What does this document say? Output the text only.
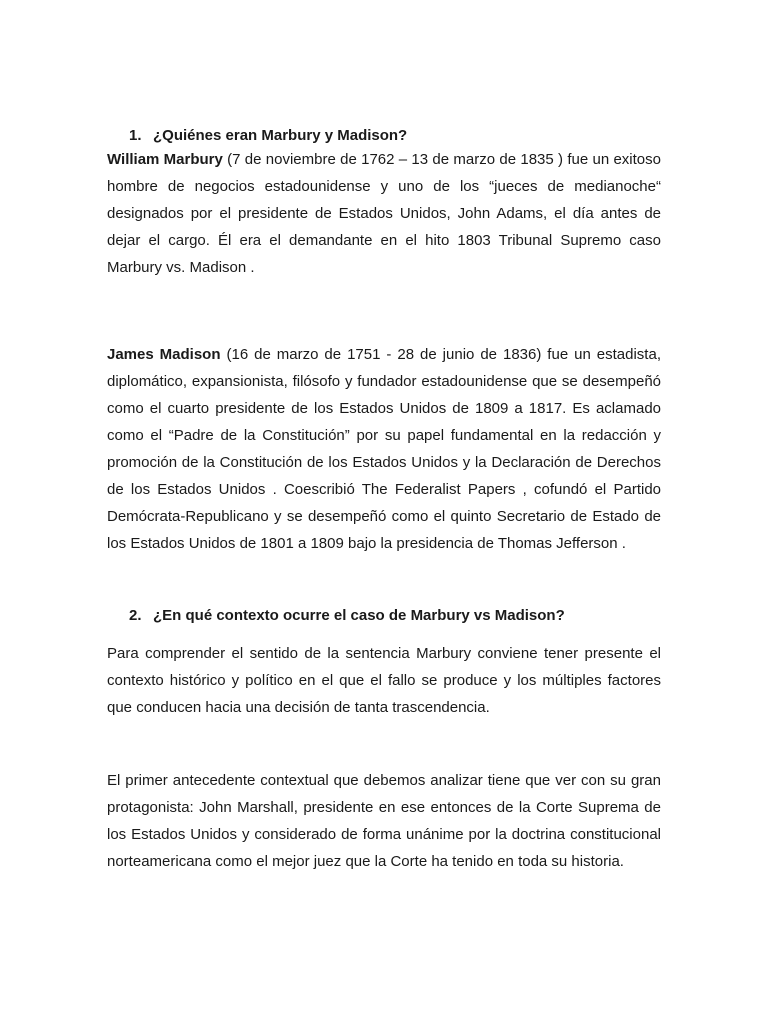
1. ¿Quiénes eran Marbury y Madison?

William Marbury (7 de noviembre de 1762 – 13 de marzo de 1835 ) fue un exitoso hombre de negocios estadounidense y uno de los “jueces de medianoche“ designados por el presidente de Estados Unidos, John Adams, el día antes de dejar el cargo. Él era el demandante en el hito 1803 Tribunal Supremo caso Marbury vs. Madison .

James Madison (16 de marzo de 1751 - 28 de junio de 1836) fue un estadista, diplomático, expansionista, filósofo y fundador estadounidense que se desempeñó como el cuarto presidente de los Estados Unidos de 1809 a 1817. Es aclamado como el “Padre de la Constitución” por su papel fundamental en la redacción y promoción de la Constitución de los Estados Unidos y la Declaración de Derechos de los Estados Unidos . Coescribió The Federalist Papers , cofundó el Partido Demócrata-Republicano y se desempeñó como el quinto Secretario de Estado de los Estados Unidos de 1801 a 1809 bajo la presidencia de Thomas Jefferson .

2. ¿En qué contexto ocurre el caso de Marbury vs Madison?

Para comprender el sentido de la sentencia Marbury conviene tener presente el contexto histórico y político en el que el fallo se produce y los múltiples factores que conducen hacia una decisión de tanta trascendencia.

El primer antecedente contextual que debemos analizar tiene que ver con su gran protagonista: John Marshall, presidente en ese entonces de la Corte Suprema de los Estados Unidos y considerado de forma unánime por la doctrina constitucional norteamericana como el mejor juez que la Corte ha tenido en toda su historia.
